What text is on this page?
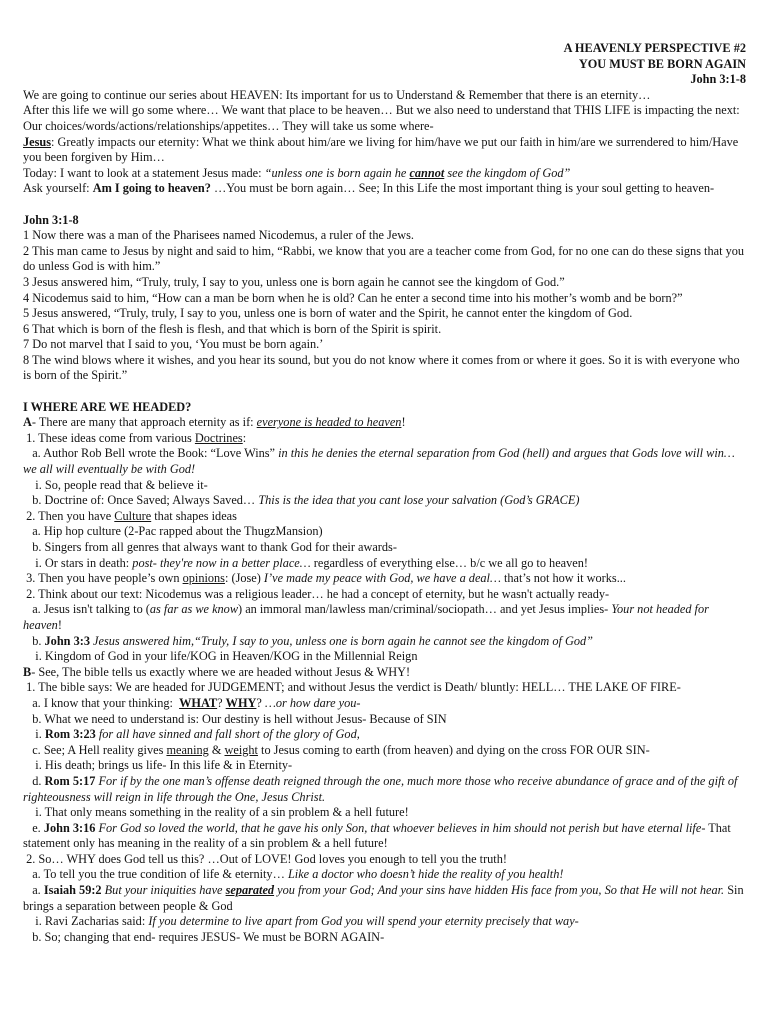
A HEAVENLY PERSPECTIVE #2

YOU MUST BE BORN AGAIN

John 3:1-8

We are going to continue our series about HEAVEN: Its important for us to Understand & Remember that there is an eternity…

After this life we will go some where… We want that place to be heaven… But we also need to understand that THIS LIFE is impacting the next: Our choices/words/actions/relationships/appetites… They will take us some where-

Jesus: Greatly impacts our eternity: What we think about him/are we living for him/have we put our faith in him/are we surrendered to him/Have you been forgiven by Him…

Today: I want to look at a statement Jesus made: “unless one is born again he cannot see the kingdom of God”

Ask yourself: Am I going to heaven? …You must be born again… See; In this Life the most important thing is your soul getting to heaven-

John 3:1-8

1 Now there was a man of the Pharisees named Nicodemus, a ruler of the Jews.

2 This man came to Jesus by night and said to him, “Rabbi, we know that you are a teacher come from God, for no one can do these signs that you do unless God is with him.”

3 Jesus answered him, “Truly, truly, I say to you, unless one is born again he cannot see the kingdom of God.”

4 Nicodemus said to him, “How can a man be born when he is old? Can he enter a second time into his mother’s womb and be born?”

5 Jesus answered, “Truly, truly, I say to you, unless one is born of water and the Spirit, he cannot enter the kingdom of God.

6 That which is born of the flesh is flesh, and that which is born of the Spirit is spirit.

7 Do not marvel that I said to you, ‘You must be born again.’

8 The wind blows where it wishes, and you hear its sound, but you do not know where it comes from or where it goes. So it is with everyone who is born of the Spirit.”

I WHERE ARE WE HEADED?

A- There are many that approach eternity as if: everyone is headed to heaven!

1. These ideas come from various Doctrines:

a. Author Rob Bell wrote the Book: “Love Wins” in this he denies the eternal separation from God (hell) and argues that Gods love will win… we all will eventually be with God!

i. So, people read that & believe it-

b. Doctrine of: Once Saved; Always Saved… This is the idea that you cant lose your salvation (God’s GRACE)

2. Then you have Culture that shapes ideas

a. Hip hop culture (2-Pac rapped about the ThugzMansion)

b. Singers from all genres that always want to thank God for their awards-

i. Or stars in death: post- they're now in a better place… regardless of everything else… b/c we all go to heaven!

3. Then you have people’s own opinions: (Jose) I’ve made my peace with God, we have a deal… that’s not how it works...

2. Think about our text: Nicodemus was a religious leader… he had a concept of eternity, but he wasn't actually ready-

a. Jesus isn't talking to (as far as we know) an immoral man/lawless man/criminal/sociopath… and yet Jesus implies- Your not headed for heaven!

b. John 3:3 Jesus answered him,“Truly, I say to you, unless one is born again he cannot see the kingdom of God”

i. Kingdom of God in your life/KOG in Heaven/KOG in the Millennial Reign

B- See, The bible tells us exactly where we are headed without Jesus & WHY!

1. The bible says: We are headed for JUDGEMENT; and without Jesus the verdict is Death/ bluntly: HELL… THE LAKE OF FIRE-

a. I know that your thinking:  WHAT? WHY? …or how dare you-

b. What we need to understand is: Our destiny is hell without Jesus- Because of SIN

i. Rom 3:23 for all have sinned and fall short of the glory of God,

c. See; A Hell reality gives meaning & weight to Jesus coming to earth (from heaven) and dying on the cross FOR OUR SIN-

i. His death; brings us life- In this life & in Eternity-

d. Rom 5:17 For if by the one man’s offense death reigned through the one, much more those who receive abundance of grace and of the gift of righteousness will reign in life through the One, Jesus Christ.

i. That only means something in the reality of a sin problem & a hell future!

e. John 3:16 For God so loved the world, that he gave his only Son, that whoever believes in him should not perish but have eternal life- That statement only has meaning in the reality of a sin problem & a hell future!

2. So… WHY does God tell us this? …Out of LOVE! God loves you enough to tell you the truth!

a. To tell you the true condition of life & eternity… Like a doctor who doesn’t hide the reality of you health!

a. Isaiah 59:2 But your iniquities have separated you from your God; And your sins have hidden His face from you, So that He will not hear. Sin brings a separation between people & God

i. Ravi Zacharias said: If you determine to live apart from God you will spend your eternity precisely that way-

b. So; changing that end- requires JESUS- We must be BORN AGAIN-
